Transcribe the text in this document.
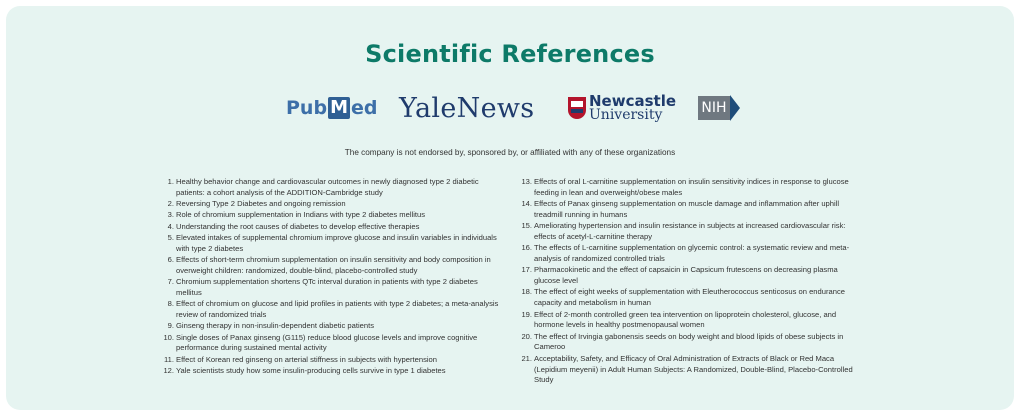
Scientific References
Pub M ed YaleNews	Newcastle
University	NIH
The company is not endorsed by, sponsored by, or affiliated with any of these organizations
1. Healthy behavior change and cardiovascular outcomes in newly diagnosed type 2 diabetic patients: a cohort analysis of the ADDITION-Cambridge study
2. Reversing Type 2 Diabetes and ongoing remission
3. Role of chromium supplementation in Indians with type 2 diabetes mellitus
4. Understanding the root causes of diabetes to develop effective therapies
5. Elevated intakes of supplemental chromium improve glucose and insulin variables in individuals with type 2 diabetes
6. Effects of short-term chromium supplementation on insulin sensitivity and body composition in overweight children: randomized, double-blind, placebo-controlled study
7. Chromium supplementation shortens QTc interval duration in patients with type 2 diabetes mellitus
8. Effect of chromium on glucose and lipid profiles in patients with type 2 diabetes; a meta-analysis review of randomized trials
9. Ginseng therapy in non-insulin-dependent diabetic patients
10. Single doses of Panax ginseng (G115) reduce blood glucose levels and improve cognitive performance during sustained mental activity
11. Effect of Korean red ginseng on arterial stiffness in subjects with hypertension
12. Yale scientists study how some insulin-producing cells survive in type 1 diabetes
13. Effects of oral L-carnitine supplementation on insulin sensitivity indices in response to glucose feeding in lean and overweight/obese males
14. Effects of Panax ginseng supplementation on muscle damage and inflammation after uphill treadmill running in humans
15. Ameliorating hypertension and insulin resistance in subjects at increased cardiovascular risk: effects of acetyl-L-carnitine therapy
16. The effects of L-carnitine supplementation on glycemic control: a systematic review and meta-analysis of randomized controlled trials
17. Pharmacokinetic and the effect of capsaicin in Capsicum frutescens on decreasing plasma glucose level
18. The effect of eight weeks of supplementation with Eleutherococcus senticosus on endurance capacity and metabolism in human
19. Effect of 2-month controlled green tea intervention on lipoprotein cholesterol, glucose, and hormone levels in healthy postmenopausal women
20. The effect of Irvingia gabonensis seeds on body weight and blood lipids of obese subjects in Cameroo
21. Acceptability, Safety, and Efficacy of Oral Administration of Extracts of Black or Red Maca (Lepidium meyenii) in Adult Human Subjects: A Randomized, Double-Blind, Placebo-Controlled Study
